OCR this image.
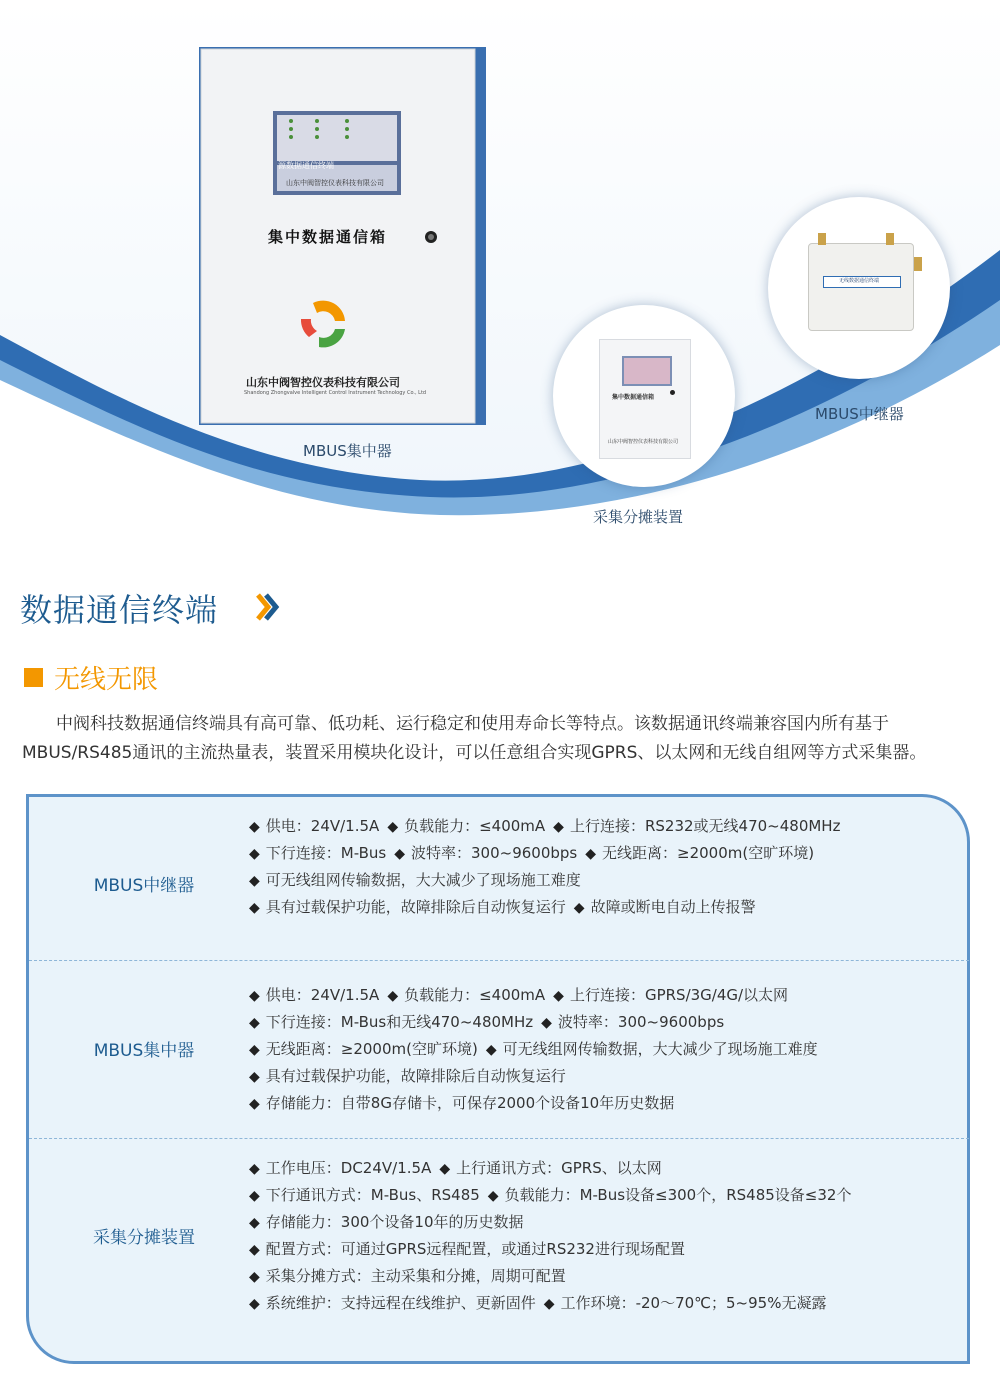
源数据通信终端
山东中阀智控仪表科技有限公司
集中数据通信箱
山东中阀智控仪表科技有限公司
Shandong Zhongvalve Intelligent Control Instrument Technology Co., Ltd
MBUS集中器
集中数据通信箱
山东中阀智控仪表科技有限公司
采集分摊装置
无线数据通信终端
MBUS中继器
数据通信终端
无线无限
中阀科技数据通信终端具有高可靠、低功耗、运行稳定和使用寿命长等特点。该数据通讯终端兼容国内所有基于MBUS/RS485通讯的主流热量表，装置采用模块化设计，可以任意组合实现GPRS、以太网和无线自组网等方式采集器。
MBUS中继器
◆ 供电：24V/1.5A ◆ 负载能力：≤400mA ◆ 上行连接：RS232或无线470~480MHz
◆ 下行连接：M-Bus ◆ 波特率：300~9600bps ◆ 无线距离：≥2000m(空旷环境)
◆ 可无线组网传输数据，大大减少了现场施工难度
◆ 具有过载保护功能，故障排除后自动恢复运行 ◆ 故障或断电自动上传报警
MBUS集中器
◆ 供电：24V/1.5A ◆ 负载能力：≤400mA ◆ 上行连接：GPRS/3G/4G/以太网
◆ 下行连接：M-Bus和无线470~480MHz ◆ 波特率：300~9600bps
◆ 无线距离：≥2000m(空旷环境) ◆ 可无线组网传输数据，大大减少了现场施工难度
◆ 具有过载保护功能，故障排除后自动恢复运行
◆ 存储能力：自带8G存储卡，可保存2000个设备10年历史数据
采集分摊装置
◆ 工作电压：DC24V/1.5A ◆ 上行通讯方式：GPRS、以太网
◆ 下行通讯方式：M-Bus、RS485 ◆ 负载能力：M-Bus设备≤300个，RS485设备≤32个
◆ 存储能力：300个设备10年的历史数据
◆ 配置方式：可通过GPRS远程配置，或通过RS232进行现场配置
◆ 采集分摊方式：主动采集和分摊，周期可配置
◆ 系统维护：支持远程在线维护、更新固件 ◆ 工作环境：-20～70℃；5~95%无凝露
